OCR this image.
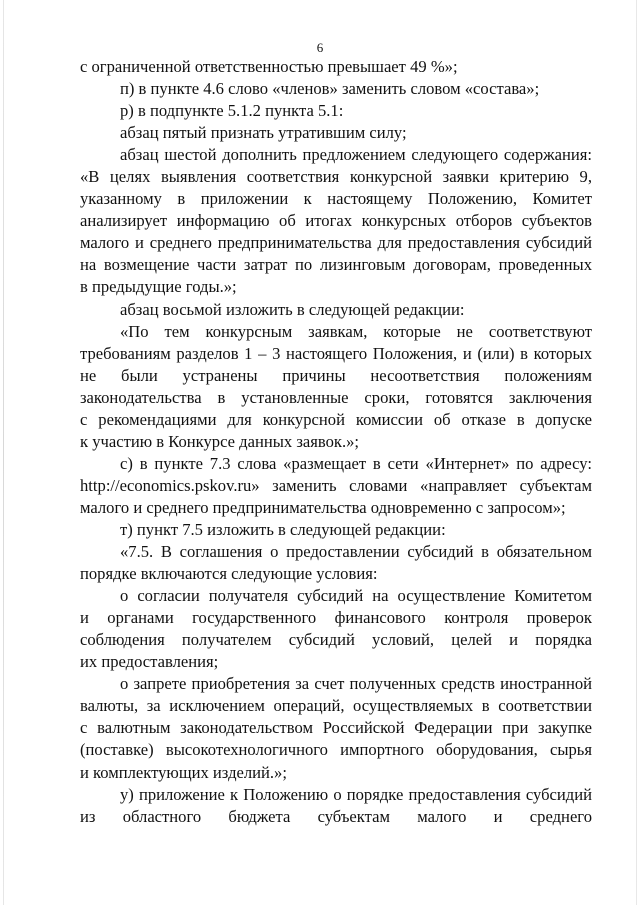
6
с ограниченной ответственностью превышает 49 %»;
п) в пункте 4.6 слово «членов» заменить словом «состава»;
р) в подпункте 5.1.2 пункта 5.1:
абзац пятый признать утратившим силу;
абзац шестой дополнить предложением следующего содержания:
«В целях выявления соответствия конкурсной заявки критерию 9,
указанному в приложении к настоящему Положению, Комитет
анализирует информацию об итогах конкурсных отборов субъектов
малого и среднего предпринимательства для предоставления субсидий
на возмещение части затрат по лизинговым договорам, проведенных
в предыдущие годы.»;
абзац восьмой изложить в следующей редакции:
«По тем конкурсным заявкам, которые не соответствуют
требованиям разделов 1 – 3 настоящего Положения, и (или) в которых
не были устранены причины несоответствия положениям
законодательства в установленные сроки, готовятся заключения
с рекомендациями для конкурсной комиссии об отказе в допуске
к участию в Конкурсе данных заявок.»;
с) в пункте 7.3 слова «размещает в сети «Интернет» по адресу:
http://economics.pskov.ru» заменить словами «направляет субъектам
малого и среднего предпринимательства одновременно с запросом»;
т) пункт 7.5 изложить в следующей редакции:
«7.5. В соглашения о предоставлении субсидий в обязательном
порядке включаются следующие условия:
о согласии получателя субсидий на осуществление Комитетом
и органами государственного финансового контроля проверок
соблюдения получателем субсидий условий, целей и порядка
их предоставления;
о запрете приобретения за счет полученных средств иностранной
валюты, за исключением операций, осуществляемых в соответствии
с валютным законодательством Российской Федерации при закупке
(поставке) высокотехнологичного импортного оборудования, сырья
и комплектующих изделий.»;
у) приложение к Положению о порядке предоставления субсидий
из областного бюджета субъектам малого и среднего
